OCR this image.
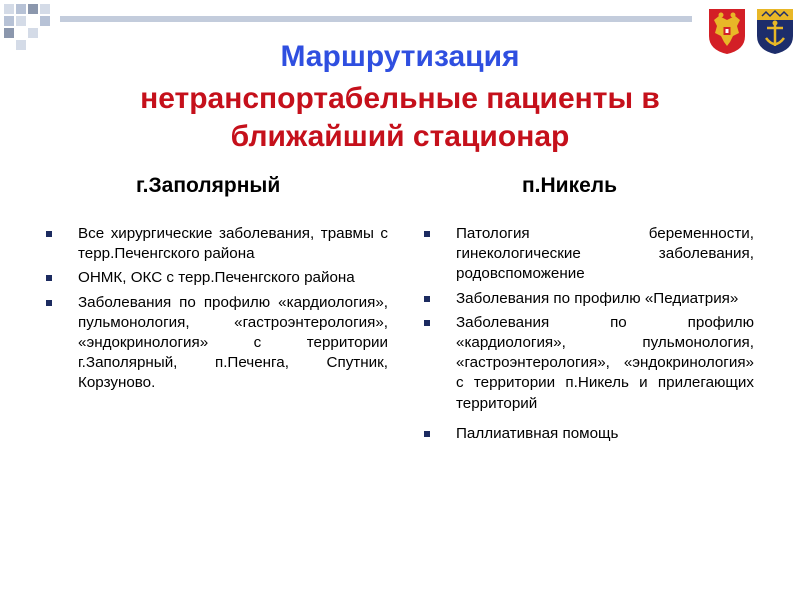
Маршрутизация
нетранспортабельные пациенты в
ближайший стационар
г.Заполярный	п.Никель
Все хирургические заболевания, травмы с терр.Печенгского района
ОНМК, ОКС с терр.Печенгского района
Заболевания по профилю «кардиология», пульмонология, «гастроэнтерология», «эндокринология» с территории г.Заполярный, п.Печенга, Спутник, Корзуново.
Патология беременности, гинекологические заболевания, родовспоможение
Заболевания по профилю «Педиатрия»
Заболевания по профилю «кардиология», пульмонология, «гастроэнтерология», «эндокринология» с территории п.Никель и прилегающих территорий
Паллиативная помощь
